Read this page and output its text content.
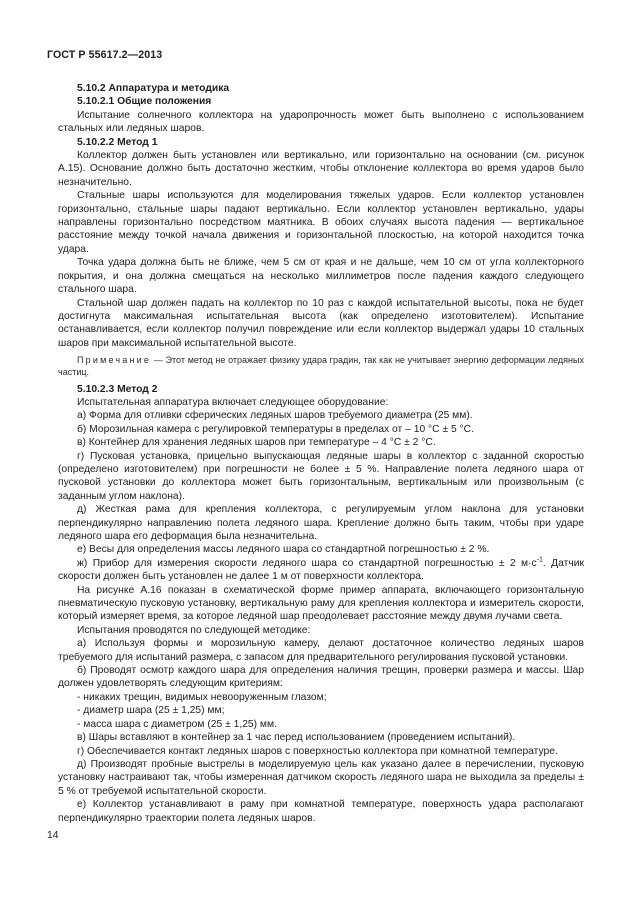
ГОСТ Р 55617.2—2013

5.10.2 Аппаратура и методика

5.10.2.1 Общие положения

Испытание солнечного коллектора на ударопрочность может быть выполнено с использованием стальных или ледяных шаров.

5.10.2.2 Метод 1

Коллектор должен быть установлен или вертикально, или горизонтально на основании (см. рисунок А.15). Основание должно быть достаточно жестким, чтобы отклонение коллектора во время ударов было незначительно.

Стальные шары используются для моделирования тяжелых ударов. Если коллектор установлен горизонтально, стальные шары падают вертикально. Если коллектор установлен вертикально, удары направлены горизонтально посредством маятника. В обоих случаях высота падения — вертикальное расстояние между точкой начала движения и горизонтальной плоскостью, на которой находится точка удара.

Точка удара должна быть не ближе, чем 5 см от края и не дальше, чем 10 см от угла коллекторного покрытия, и она должна смещаться на несколько миллиметров после падения каждого следующего стального шара.

Стальной шар должен падать на коллектор по 10 раз с каждой испытательной высоты, пока не будет достигнута максимальная испытательная высота (как определено изготовителем). Испытание останавливается, если коллектор получил повреждение или если коллектор выдержал удары 10 стальных шаров при максимальной испытательной высоте.

Примечание — Этот метод не отражает физику удара градин, так как не учитывает энергию деформации ледяных частиц.

5.10.2.3 Метод 2

Испытательная аппаратура включает следующее оборудование:

а) Форма для отливки сферических ледяных шаров требуемого диаметра (25 мм).

б) Морозильная камера с регулировкой температуры в пределах от – 10 °С ± 5 °С.

в) Контейнер для хранения ледяных шаров при температуре – 4 °С ± 2 °С.

г) Пусковая установка, прицельно выпускающая ледяные шары в коллектор с заданной скоростью (определено изготовителем) при погрешности не более ± 5 %. Направление полета ледяного шара от пусковой установки до коллектора может быть горизонтальным, вертикальным или произвольным (с заданным углом наклона).

д) Жесткая рама для крепления коллектора, с регулируемым углом наклона для установки перпендикулярно направлению полета ледяного шара. Крепление должно быть таким, чтобы при ударе ледяного шара его деформация была незначительна.

е) Весы для определения массы ледяного шара со стандартной погрешностью ± 2 %.

ж) Прибор для измерения скорости ледяного шара со стандартной погрешностью ± 2 $м\cdot с^{-1}$. Датчик скорости должен быть установлен не далее 1 м от поверхности коллектора.

На рисунке А.16 показан в схематической форме пример аппарата, включающего горизонтальную пневматическую пусковую установку, вертикальную раму для крепления коллектора и измеритель скорости, который измеряет время, за которое ледяной шар преодолевает расстояние между двумя лучами света.

Испытания проводятся по следующей методике:

а) Используя формы и морозильную камеру, делают достаточное количество ледяных шаров требуемого для испытаний размера, с запасом для предварительного регулирования пусковой установки.

б) Проводят осмотр каждого шара для определения наличия трещин, проверки размера и массы. Шар должен удовлетворять следующим критериям:

- никаких трещин, видимых невооруженным глазом;

- диаметр шара (25 ± 1,25) мм;

- масса шара с диаметром (25 ± 1,25) мм.

в) Шары вставляют в контейнер за 1 час перед использованием (проведением испытаний).

г) Обеспечивается контакт ледяных шаров с поверхностью коллектора при комнатной температуре.

д) Производят пробные выстрелы в моделируемую цель как указано далее в перечислении, пусковую установку настраивают так, чтобы измеренная датчиком скорость ледяного шара не выходила за пределы ± 5 % от требуемой испытательной скорости.

е) Коллектор устанавливают в раму при комнатной температуре, поверхность удара располагают перпендикулярно траектории полета ледяных шаров.

14
